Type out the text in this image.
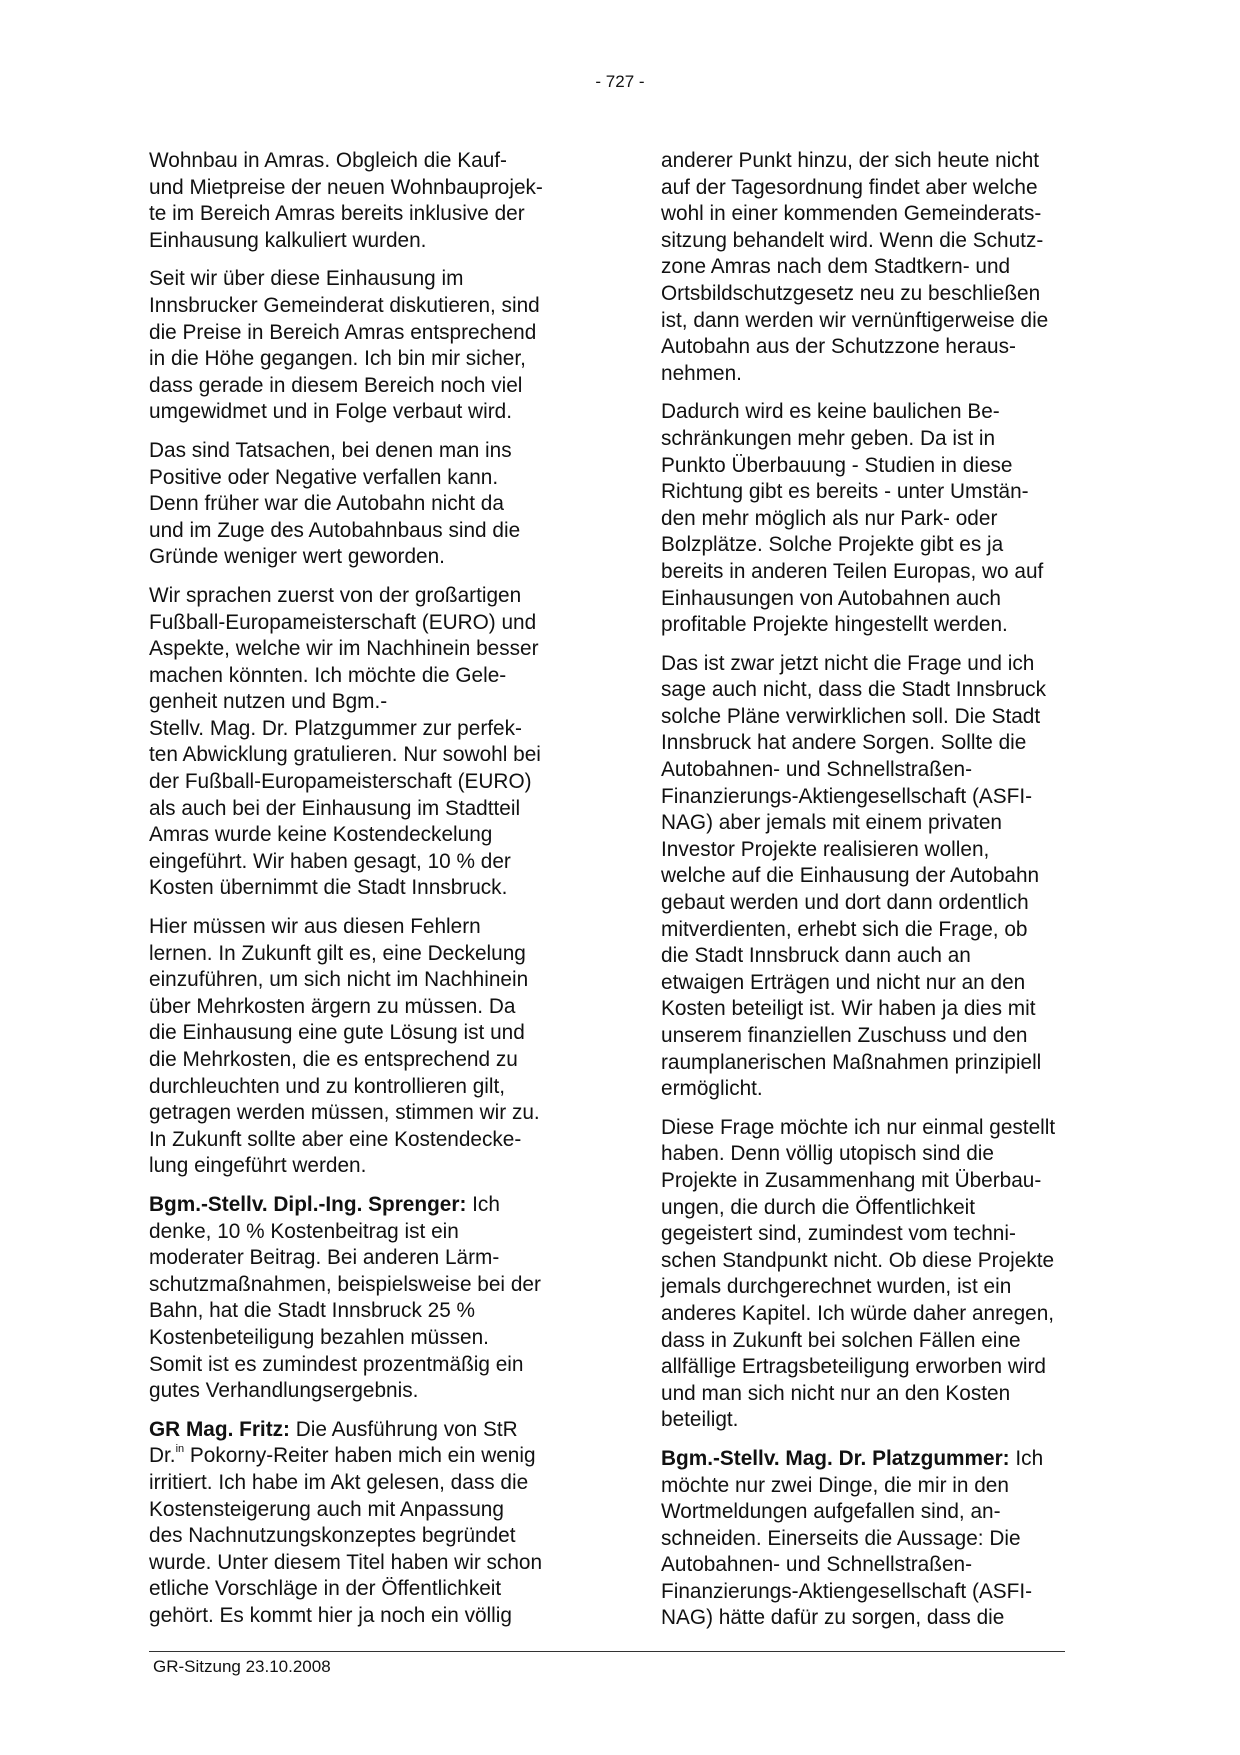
- 727 -

Wohnbau in Amras. Obgleich die Kauf-
und Mietpreise der neuen Wohnbauprojek-
te im Bereich Amras bereits inklusive der
Einhausung kalkuliert wurden.

Seit wir über diese Einhausung im
Innsbrucker Gemeinderat diskutieren, sind
die Preise in Bereich Amras entsprechend
in die Höhe gegangen. Ich bin mir sicher,
dass gerade in diesem Bereich noch viel
umgewidmet und in Folge verbaut wird.

Das sind Tatsachen, bei denen man ins
Positive oder Negative verfallen kann.
Denn früher war die Autobahn nicht da
und im Zuge des Autobahnbaus sind die
Gründe weniger wert geworden.

Wir sprachen zuerst von der großartigen
Fußball-Europameisterschaft (EURO) und
Aspekte, welche wir im Nachhinein besser
machen könnten. Ich möchte die Gele-
genheit nutzen und Bgm.-
Stellv. Mag. Dr. Platzgummer zur perfek-
ten Abwicklung gratulieren. Nur sowohl bei
der Fußball-Europameisterschaft (EURO)
als auch bei der Einhausung im Stadtteil
Amras wurde keine Kostendeckelung
eingeführt. Wir haben gesagt, 10 % der
Kosten übernimmt die Stadt Innsbruck.

Hier müssen wir aus diesen Fehlern
lernen. In Zukunft gilt es, eine Deckelung
einzuführen, um sich nicht im Nachhinein
über Mehrkosten ärgern zu müssen. Da
die Einhausung eine gute Lösung ist und
die Mehrkosten, die es entsprechend zu
durchleuchten und zu kontrollieren gilt,
getragen werden müssen, stimmen wir zu.
In Zukunft sollte aber eine Kostendecke-
lung eingeführt werden.

Bgm.-Stellv. Dipl.-Ing. Sprenger: Ich
denke, 10 % Kostenbeitrag ist ein
moderater Beitrag. Bei anderen Lärm-
schutzmaßnahmen, beispielsweise bei der
Bahn, hat die Stadt Innsbruck 25 %
Kostenbeteiligung bezahlen müssen.
Somit ist es zumindest prozentmäßig ein
gutes Verhandlungsergebnis.

GR Mag. Fritz: Die Ausführung von StR
Dr.$^{in}$ Pokorny-Reiter haben mich ein wenig
irritiert. Ich habe im Akt gelesen, dass die
Kostensteigerung auch mit Anpassung
des Nachnutzungskonzeptes begründet
wurde. Unter diesem Titel haben wir schon
etliche Vorschläge in der Öffentlichkeit
gehört. Es kommt hier ja noch ein völlig

anderer Punkt hinzu, der sich heute nicht
auf der Tagesordnung findet aber welche
wohl in einer kommenden Gemeinderats-
sitzung behandelt wird. Wenn die Schutz-
zone Amras nach dem Stadtkern- und
Ortsbildschutzgesetz neu zu beschließen
ist, dann werden wir vernünftigerweise die
Autobahn aus der Schutzzone heraus-
nehmen.

Dadurch wird es keine baulichen Be-
schränkungen mehr geben. Da ist in
Punkto Überbauung - Studien in diese
Richtung gibt es bereits - unter Umstän-
den mehr möglich als nur Park- oder
Bolzplätze. Solche Projekte gibt es ja
bereits in anderen Teilen Europas, wo auf
Einhausungen von Autobahnen auch
profitable Projekte hingestellt werden.

Das ist zwar jetzt nicht die Frage und ich
sage auch nicht, dass die Stadt Innsbruck
solche Pläne verwirklichen soll. Die Stadt
Innsbruck hat andere Sorgen. Sollte die
Autobahnen- und Schnellstraßen-
Finanzierungs-Aktiengesellschaft (ASFI-
NAG) aber jemals mit einem privaten
Investor Projekte realisieren wollen,
welche auf die Einhausung der Autobahn
gebaut werden und dort dann ordentlich
mitverdienten, erhebt sich die Frage, ob
die Stadt Innsbruck dann auch an
etwaigen Erträgen und nicht nur an den
Kosten beteiligt ist. Wir haben ja dies mit
unserem finanziellen Zuschuss und den
raumplanerischen Maßnahmen prinzipiell
ermöglicht.

Diese Frage möchte ich nur einmal gestellt
haben. Denn völlig utopisch sind die
Projekte in Zusammenhang mit Überbau-
ungen, die durch die Öffentlichkeit
gegeistert sind, zumindest vom techni-
schen Standpunkt nicht. Ob diese Projekte
jemals durchgerechnet wurden, ist ein
anderes Kapitel. Ich würde daher anregen,
dass in Zukunft bei solchen Fällen eine
allfällige Ertragsbeteiligung erworben wird
und man sich nicht nur an den Kosten
beteiligt.

Bgm.-Stellv. Mag. Dr. Platzgummer: Ich
möchte nur zwei Dinge, die mir in den
Wortmeldungen aufgefallen sind, an-
schneiden. Einerseits die Aussage: Die
Autobahnen- und Schnellstraßen-
Finanzierungs-Aktiengesellschaft (ASFI-
NAG) hätte dafür zu sorgen, dass die

GR-Sitzung 23.10.2008
